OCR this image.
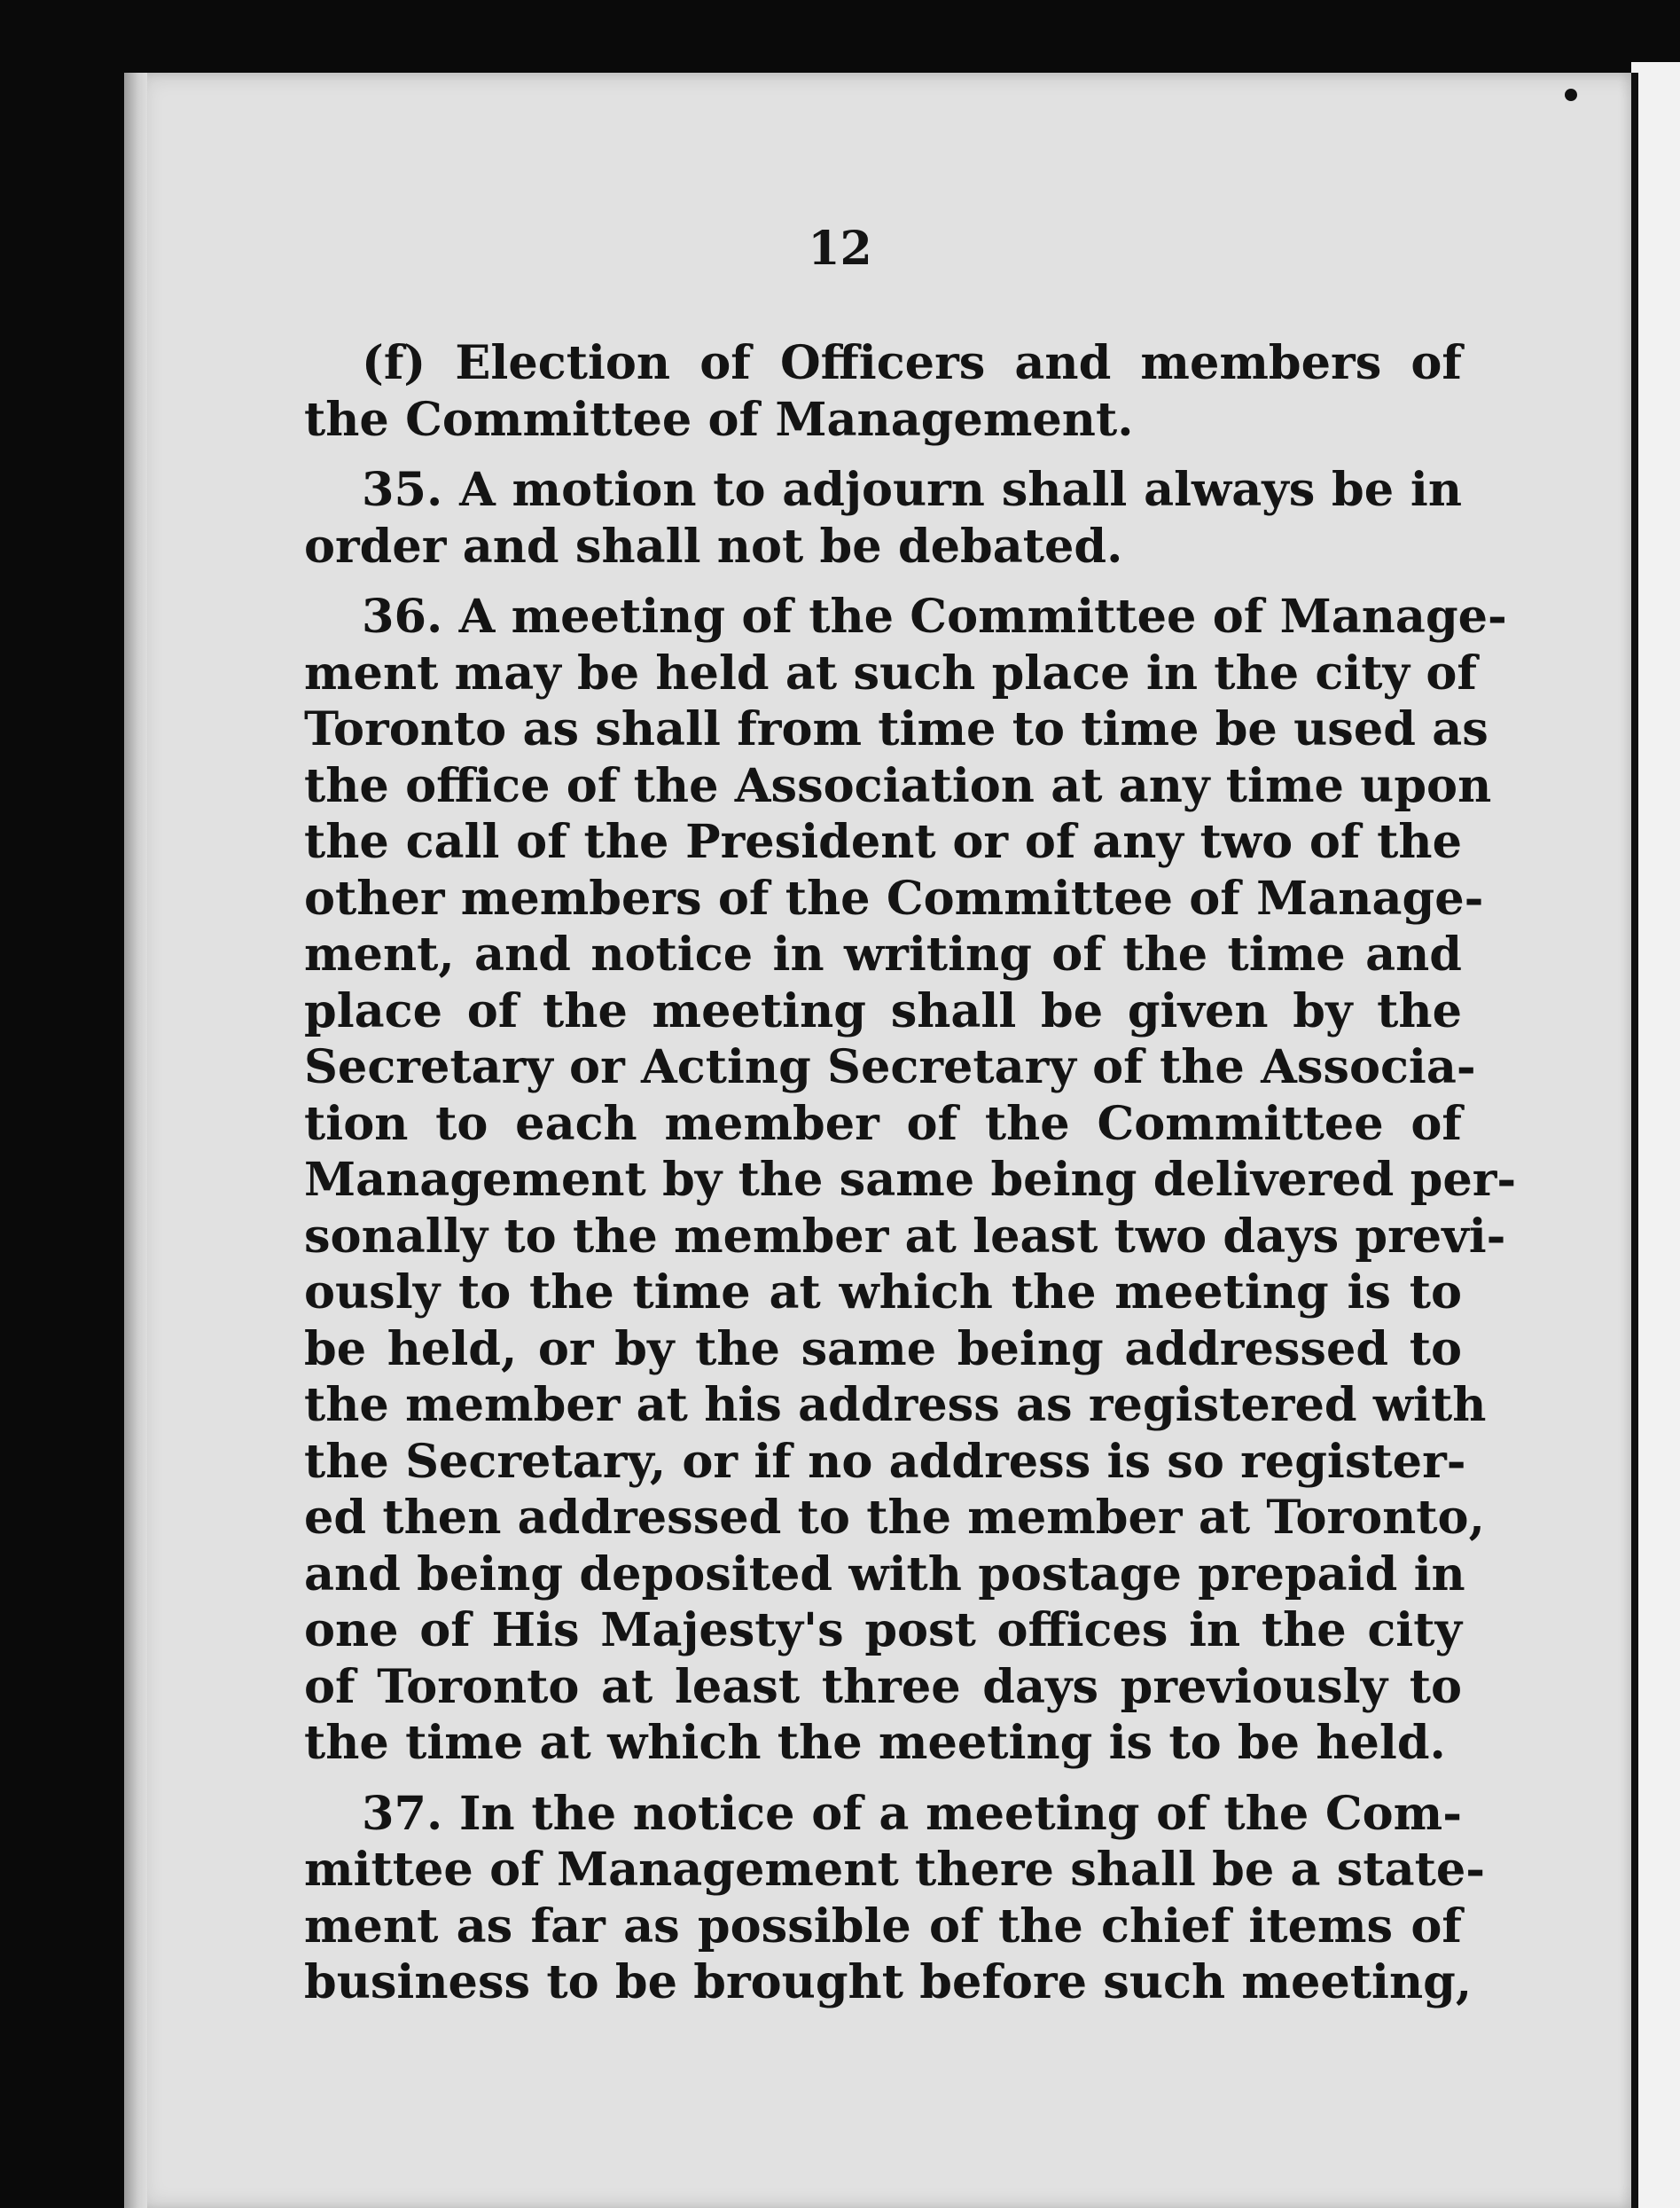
12

(f) Election of Officers and members of
the Committee of Management.
35. A motion to adjourn shall always be in
order and shall not be debated.
36. A meeting of the Committee of Manage-
ment may be held at such place in the city of
Toronto as shall from time to time be used as
the office of the Association at any time upon
the call of the President or of any two of the
other members of the Committee of Manage-
ment, and notice in writing of the time and
place of the meeting shall be given by the
Secretary or Acting Secretary of the Associa-
tion to each member of the Committee of
Management by the same being delivered per-
sonally to the member at least two days previ-
ously to the time at which the meeting is to
be held, or by the same being addressed to
the member at his address as registered with
the Secretary, or if no address is so register-
ed then addressed to the member at Toronto,
and being deposited with postage prepaid in
one of His Majesty's post offices in the city
of Toronto at least three days previously to
the time at which the meeting is to be held.
37. In the notice of a meeting of the Com-
mittee of Management there shall be a state-
ment as far as possible of the chief items of
business to be brought before such meeting,
